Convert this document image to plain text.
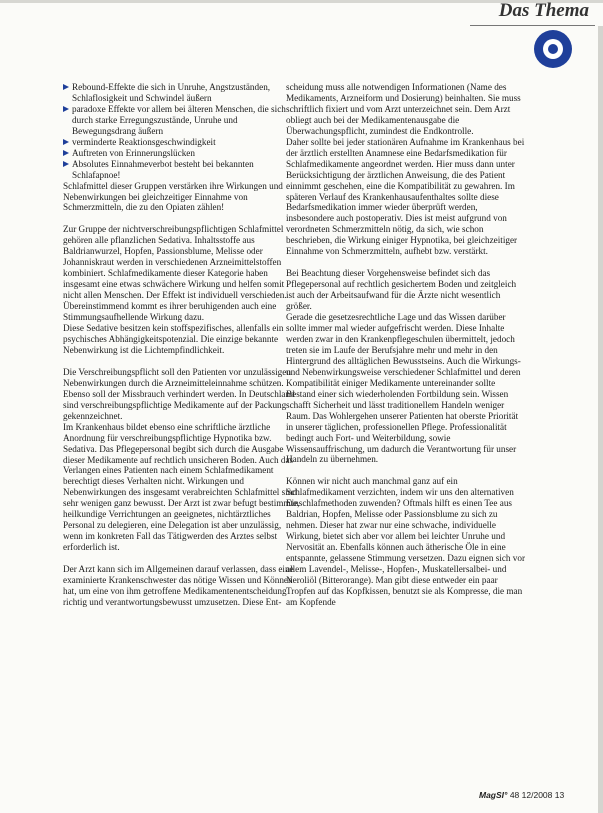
Das Thema
Rebound-Effekte die sich in Unruhe, Angstzuständen, Schlaflosigkeit und Schwindel äußern
paradoxe Effekte vor allem bei älteren Menschen, die sich durch starke Erregungszustände, Unruhe und Bewegungsdrang äußern
verminderte Reaktionsgeschwindigkeit
Auftreten von Erinnerungslücken
Absolutes Einnahmeverbot besteht bei bekannten Schlafapnoe!

Schlafmittel dieser Gruppen verstärken ihre Wirkungen und Nebenwirkungen bei gleichzeitiger Einnahme von Schmerzmitteln, die zu den Opiaten zählen!

Zur Gruppe der nichtverschreibungspflichtigen Schlafmittel gehören alle pflanzlichen Sedativa. Inhaltsstoffe aus Baldrianwurzel, Hopfen, Passionsblume, Melisse oder Johanniskraut werden in verschiedenen Arzneimittelstoffen kombiniert. Schlafmedikamente dieser Kategorie haben insgesamt eine etwas schwächere Wirkung und helfen somit nicht allen Menschen. Der Effekt ist individuell verschieden. Übereinstimmend kommt es ihrer beruhigenden auch eine Stimmungsaufhellende Wirkung dazu.

Diese Sedative besitzen kein stoffspezifisches, allenfalls ein psychisches Abhängigkeitspotenzial. Die einzige bekannte Nebenwirkung ist die Lichtempfindlichkeit.

Die Verschreibungspflicht soll den Patienten vor unzulässigen Nebenwirkungen durch die Arzneimitteleinnahme schützen. Ebenso soll der Missbrauch verhindert werden. In Deutschland sind verschreibungspflichtige Medikamente auf der Packung gekennzeichnet.

Im Krankenhaus bildet ebenso eine schriftliche ärztliche Anordnung für verschreibungspflichtige Hypnotika bzw. Sedativa. Das Pflegepersonal begibt sich durch die Ausgabe dieser Medikamente auf rechtlich unsicheren Boden. Auch das Verlangen eines Patienten nach einem Schlafmedikament berechtigt dieses Verhalten nicht. Wirkungen und Nebenwirkungen des insgesamt verabreichten Schlafmittel sind sehr wenigen ganz bewusst. Der Arzt ist zwar befugt bestimmte, heilkundige Verrichtungen an geeignetes, nichtärztliches Personal zu delegieren, eine Delegation ist aber unzulässig, wenn im konkreten Fall das Tätigwerden des Arztes selbst erforderlich ist.

Der Arzt kann sich im Allgemeinen darauf verlassen, dass eine examinierte Krankenschwester das nötige Wissen und Können hat, um eine von ihm getroffene Medikamentenentscheidung richtig und verantwortungsbewusst umzusetzen. Diese Ent-

scheidung muss alle notwendigen Informationen (Name des Medikaments, Arzneiform und Dosierung) beinhalten. Sie muss schriftlich fixiert und vom Arzt unterzeichnet sein. Dem Arzt obliegt auch bei der Medikamentenausgabe die Überwachungspflicht, zumindest die Endkontrolle.

Daher sollte bei jeder stationären Aufnahme im Krankenhaus bei der ärztlich erstellten Anamnese eine Bedarfsmedikation für Schlafmedikamente angeordnet werden. Hier muss dann unter Berücksichtigung der ärztlichen Anweisung, die des Patient einnimmt geschehen, eine die Kompatibilität zu gewahren. Im späteren Verlauf des Krankenhausaufenthaltes sollte diese Bedarfsmedikation immer wieder überprüft werden, insbesondere auch postoperativ. Dies ist meist aufgrund von verordneten Schmerzmitteln nötig, da sich, wie schon beschrieben, die Wirkung einiger Hypnotika, bei gleichzeitiger Einnahme von Schmerzmitteln, aufhebt bzw. verstärkt.

Bei Beachtung dieser Vorgehensweise befindet sich das Pflegepersonal auf rechtlich gesichertem Boden und zeitgleich ist auch der Arbeitsaufwand für die Ärzte nicht wesentlich größer.

Gerade die gesetzesrechtliche Lage und das Wissen darüber sollte immer mal wieder aufgefrischt werden. Diese Inhalte werden zwar in den Krankenpflegeschulen übermittelt, jedoch treten sie im Laufe der Berufsjahre mehr und mehr in den Hintergrund des alltäglichen Bewusstseins. Auch die Wirkungs- und Nebenwirkungsweise verschiedener Schlafmittel und deren Kompatibilität einiger Medikamente untereinander sollte Bestand einer sich wiederholenden Fortbildung sein. Wissen schafft Sicherheit und lässt traditionellem Handeln weniger Raum. Das Wohlergehen unserer Patienten hat oberste Priorität in unserer täglichen, professionellen Pflege. Professionalität bedingt auch Fort- und Weiterbildung, sowie Wissensauffrischung, um dadurch die Verantwortung für unser Handeln zu übernehmen.

Können wir nicht auch manchmal ganz auf ein Schlafmedikament verzichten, indem wir uns den alternativen Einschlafmethoden zuwenden? Oftmals hilft es einen Tee aus Baldrian, Hopfen, Melisse oder Passionsblume zu sich zu nehmen. Dieser hat zwar nur eine schwache, individuelle Wirkung, bietet sich aber vor allem bei leichter Unruhe und Nervosität an. Ebenfalls können auch ätherische Öle in eine entspannte, gelassene Stimmung versetzen. Dazu eignen sich vor allem Lavendel-, Melisse-, Hopfen-, Muskatellersalbei- und Neroliöl (Bitterorange). Man gibt diese entweder ein paar Tropfen auf das Kopfkissen, benutzt sie als Kompresse, die man am Kopfende

MagSI° 48 12/2008 13
